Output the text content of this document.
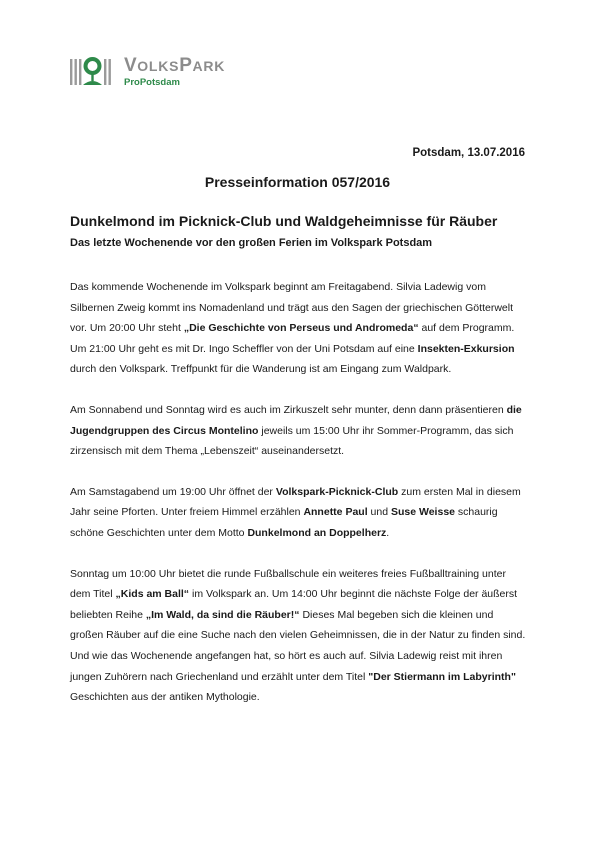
VOLKSPARK
ProPotsdam
Potsdam, 13.07.2016
Presseinformation 057/2016
Dunkelmond im Picknick-Club und Waldgeheimnisse für Räuber
Das letzte Wochenende vor den großen Ferien im Volkspark Potsdam

Das kommende Wochenende im Volkspark beginnt am Freitagabend. Silvia Ladewig vom Silbernen Zweig kommt ins Nomadenland und trägt aus den Sagen der griechischen Götterwelt vor. Um 20:00 Uhr steht „Die Geschichte von Perseus und Andromeda“ auf dem Programm. Um 21:00 Uhr geht es mit Dr. Ingo Scheffler von der Uni Potsdam auf eine Insekten-Exkursion durch den Volkspark. Treffpunkt für die Wanderung ist am Eingang zum Waldpark.

Am Sonnabend und Sonntag wird es auch im Zirkuszelt sehr munter, denn dann präsentieren die Jugendgruppen des Circus Montelino jeweils um 15:00 Uhr ihr Sommer-Programm, das sich zirzensisch mit dem Thema „Lebenszeit“ auseinandersetzt.

Am Samstagabend um 19:00 Uhr öffnet der Volkspark-Picknick-Club zum ersten Mal in diesem Jahr seine Pforten. Unter freiem Himmel erzählen Annette Paul und Suse Weisse schaurig schöne Geschichten unter dem Motto Dunkelmond an Doppelherz.

Sonntag um 10:00 Uhr bietet die runde Fußballschule ein weiteres freies Fußballtraining unter dem Titel „Kids am Ball“ im Volkspark an. Um 14:00 Uhr beginnt die nächste Folge der äußerst beliebten Reihe „Im Wald, da sind die Räuber!“ Dieses Mal begeben sich die kleinen und großen Räuber auf die eine Suche nach den vielen Geheimnissen, die in der Natur zu finden sind. Und wie das Wochenende angefangen hat, so hört es auch auf. Silvia Ladewig reist mit ihren jungen Zuhörern nach Griechenland und erzählt unter dem Titel "Der Stiermann im Labyrinth" Geschichten aus der antiken Mythologie.
